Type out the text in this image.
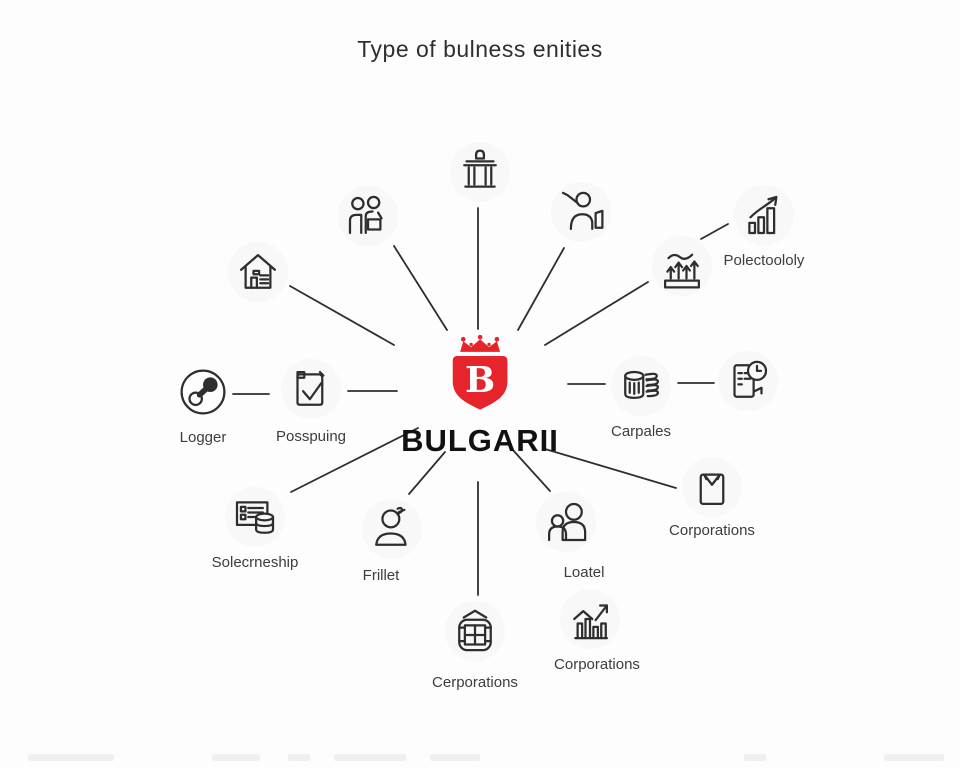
Type of bulness enities
B
BULGARII
Polectoololy
Logger	Posspuing	Carpales
Corporations
Loatel
Frillet
Solecrneship
Cerporations
Corporations
